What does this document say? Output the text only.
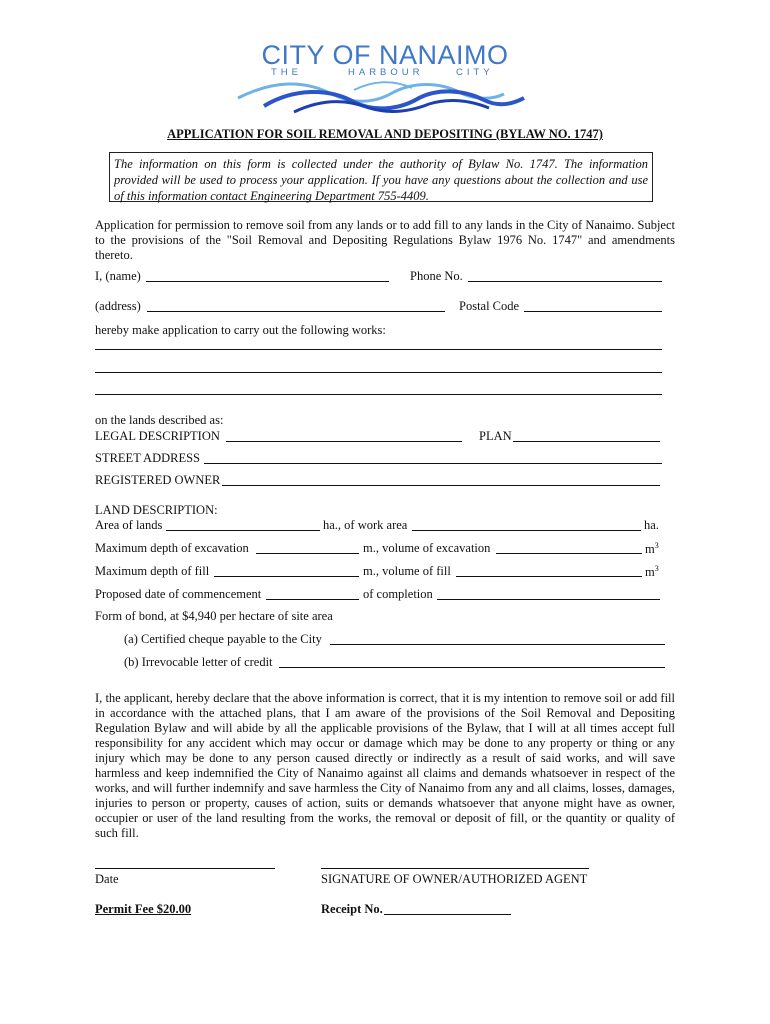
CITY OF NANAIMO
THE	HARBOUR	CITY
APPLICATION FOR SOIL REMOVAL AND DEPOSITING (BYLAW NO. 1747)
The information on this form is collected under the authority of Bylaw No. 1747. The information provided will be used to process your application. If you have any questions about the collection and use of this information contact Engineering Department 755-4409.
Application for permission to remove soil from any lands or to add fill to any lands in the City of Nanaimo. Subject to the provisions of the "Soil Removal and Depositing Regulations Bylaw 1976 No. 1747" and amendments thereto.
I, (name)	Phone No.
(address)	Postal Code
hereby make application to carry out the following works:
on the lands described as:
LEGAL DESCRIPTION	PLAN
STREET ADDRESS
REGISTERED OWNER
LAND DESCRIPTION:
Area of lands	ha., of work area	ha.
Maximum depth of excavation	m., volume of excavation	$m^3$
Maximum depth of fill	m., volume of fill	$m^3$
Proposed date of commencement	of completion
Form of bond, at $4,940 per hectare of site area
(a) Certified cheque payable to the City
(b) Irrevocable letter of credit
I, the applicant, hereby declare that the above information is correct, that it is my intention to remove soil or add fill in accordance with the attached plans, that I am aware of the provisions of the Soil Removal and Depositing Regulation Bylaw and will abide by all the applicable provisions of the Bylaw, that I will at all times accept full responsibility for any accident which may occur or damage which may be done to any property or thing or any injury which may be done to any person caused directly or indirectly as a result of said works, and will save harmless and keep indemnified the City of Nanaimo against all claims and demands whatsoever in respect of the works, and will further indemnify and save harmless the City of Nanaimo from any and all claims, losses, damages, injuries to person or property, causes of action, suits or demands whatsoever that anyone might have as owner, occupier or user of the land resulting from the works, the removal or deposit of fill, or the quantity or quality of such fill.
Date	SIGNATURE OF OWNER/AUTHORIZED AGENT
Permit Fee $20.00	Receipt No.
